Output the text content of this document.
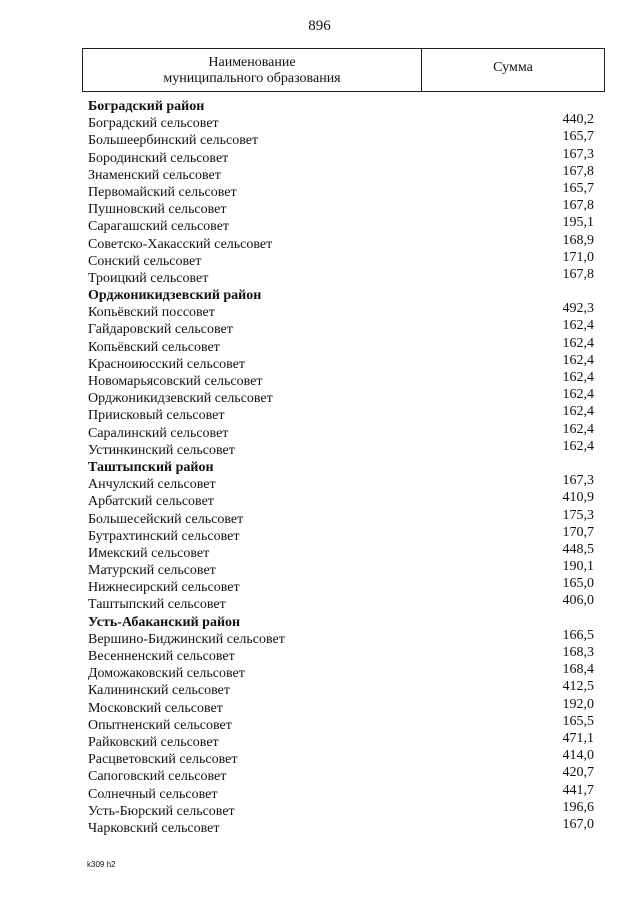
896
Наименование
муниципального образования
Сумма
Боградский район
Боградский сельсовет	440,2
Большеербинский сельсовет	165,7
Бородинский сельсовет	167,3
Знаменский сельсовет	167,8
Первомайский сельсовет	165,7
Пушновский сельсовет	167,8
Сарагашский сельсовет	195,1
Советско-Хакасский сельсовет	168,9
Сонский сельсовет	171,0
Троицкий сельсовет	167,8
Орджоникидзевский район
Копьёвский поссовет	492,3
Гайдаровский сельсовет	162,4
Копьёвский сельсовет	162,4
Красноиюсский сельсовет	162,4
Новомарьясовский сельсовет	162,4
Орджоникидзевский сельсовет	162,4
Приисковый сельсовет	162,4
Саралинский сельсовет	162,4
Устинкинский сельсовет	162,4
Таштыпский район
Анчулский сельсовет	167,3
Арбатский сельсовет	410,9
Большесейский сельсовет	175,3
Бутрахтинский сельсовет	170,7
Имекский сельсовет	448,5
Матурский сельсовет	190,1
Нижнесирский сельсовет	165,0
Таштыпский сельсовет	406,0
Усть-Абаканский район
Вершино-Биджинский сельсовет	166,5
Весенненский сельсовет	168,3
Доможаковский сельсовет	168,4
Калининский сельсовет	412,5
Московский сельсовет	192,0
Опытненский сельсовет	165,5
Райковский сельсовет	471,1
Расцветовский сельсовет	414,0
Сапоговский сельсовет	420,7
Солнечный сельсовет	441,7
Усть-Бюрский сельсовет	196,6
Чарковский сельсовет	167,0
k309 h2
